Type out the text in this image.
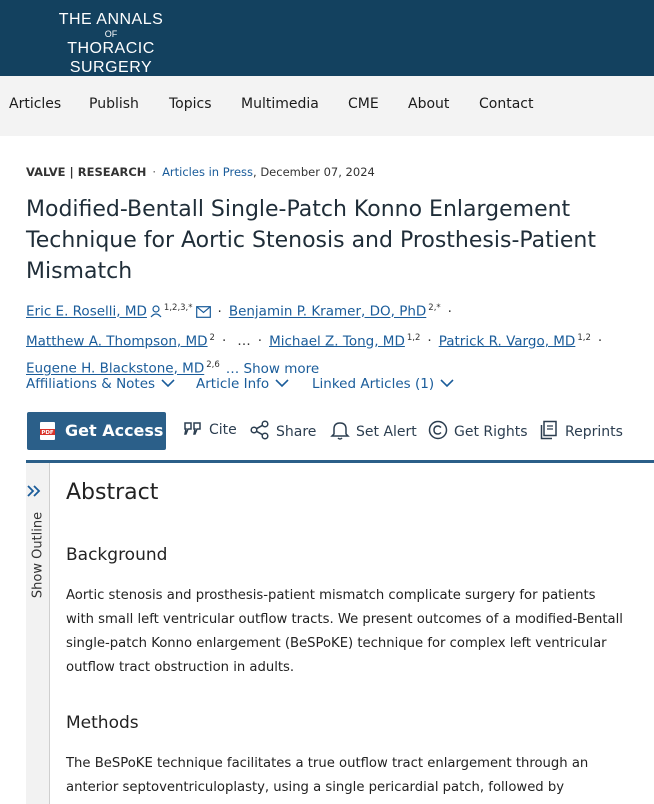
THE ANNALS
OF
THORACIC SURGERY
Articles Publish Topics Multimedia CME About Contact
VALVE | RESEARCH · Articles in Press, December 07, 2024
Modified-Bentall Single-Patch Konno Enlargement Technique for Aortic Stenosis and Prosthesis-Patient Mismatch
Eric E. Roselli, MD $^{1,2,3,*}$ · Benjamin P. Kramer, DO, PhD $^{2,*}$ ·
Matthew A. Thompson, MD $^2$ · … · Michael Z. Tong, MD $^{1,2}$ · Patrick R. Vargo, MD $^{1,2}$ ·
Eugene H. Blackstone, MD $^{2,6}$ … Show more
Affiliations & Notes	Article Info	Linked Articles (1)
PDF Get Access	Cite	Share	Set Alert	Get Rights	Reprints
Show Outline
Abstract
Background

Aortic stenosis and prosthesis-patient mismatch complicate surgery for patients with small left ventricular outflow tracts. We present outcomes of a modified-Bentall single-patch Konno enlargement (BeSPoKE) technique for complex left ventricular outflow tract obstruction in adults.

Methods

The BeSPoKE technique facilitates a true outflow tract enlargement through an anterior septoventriculoplasty, using a single pericardial patch, followed by
